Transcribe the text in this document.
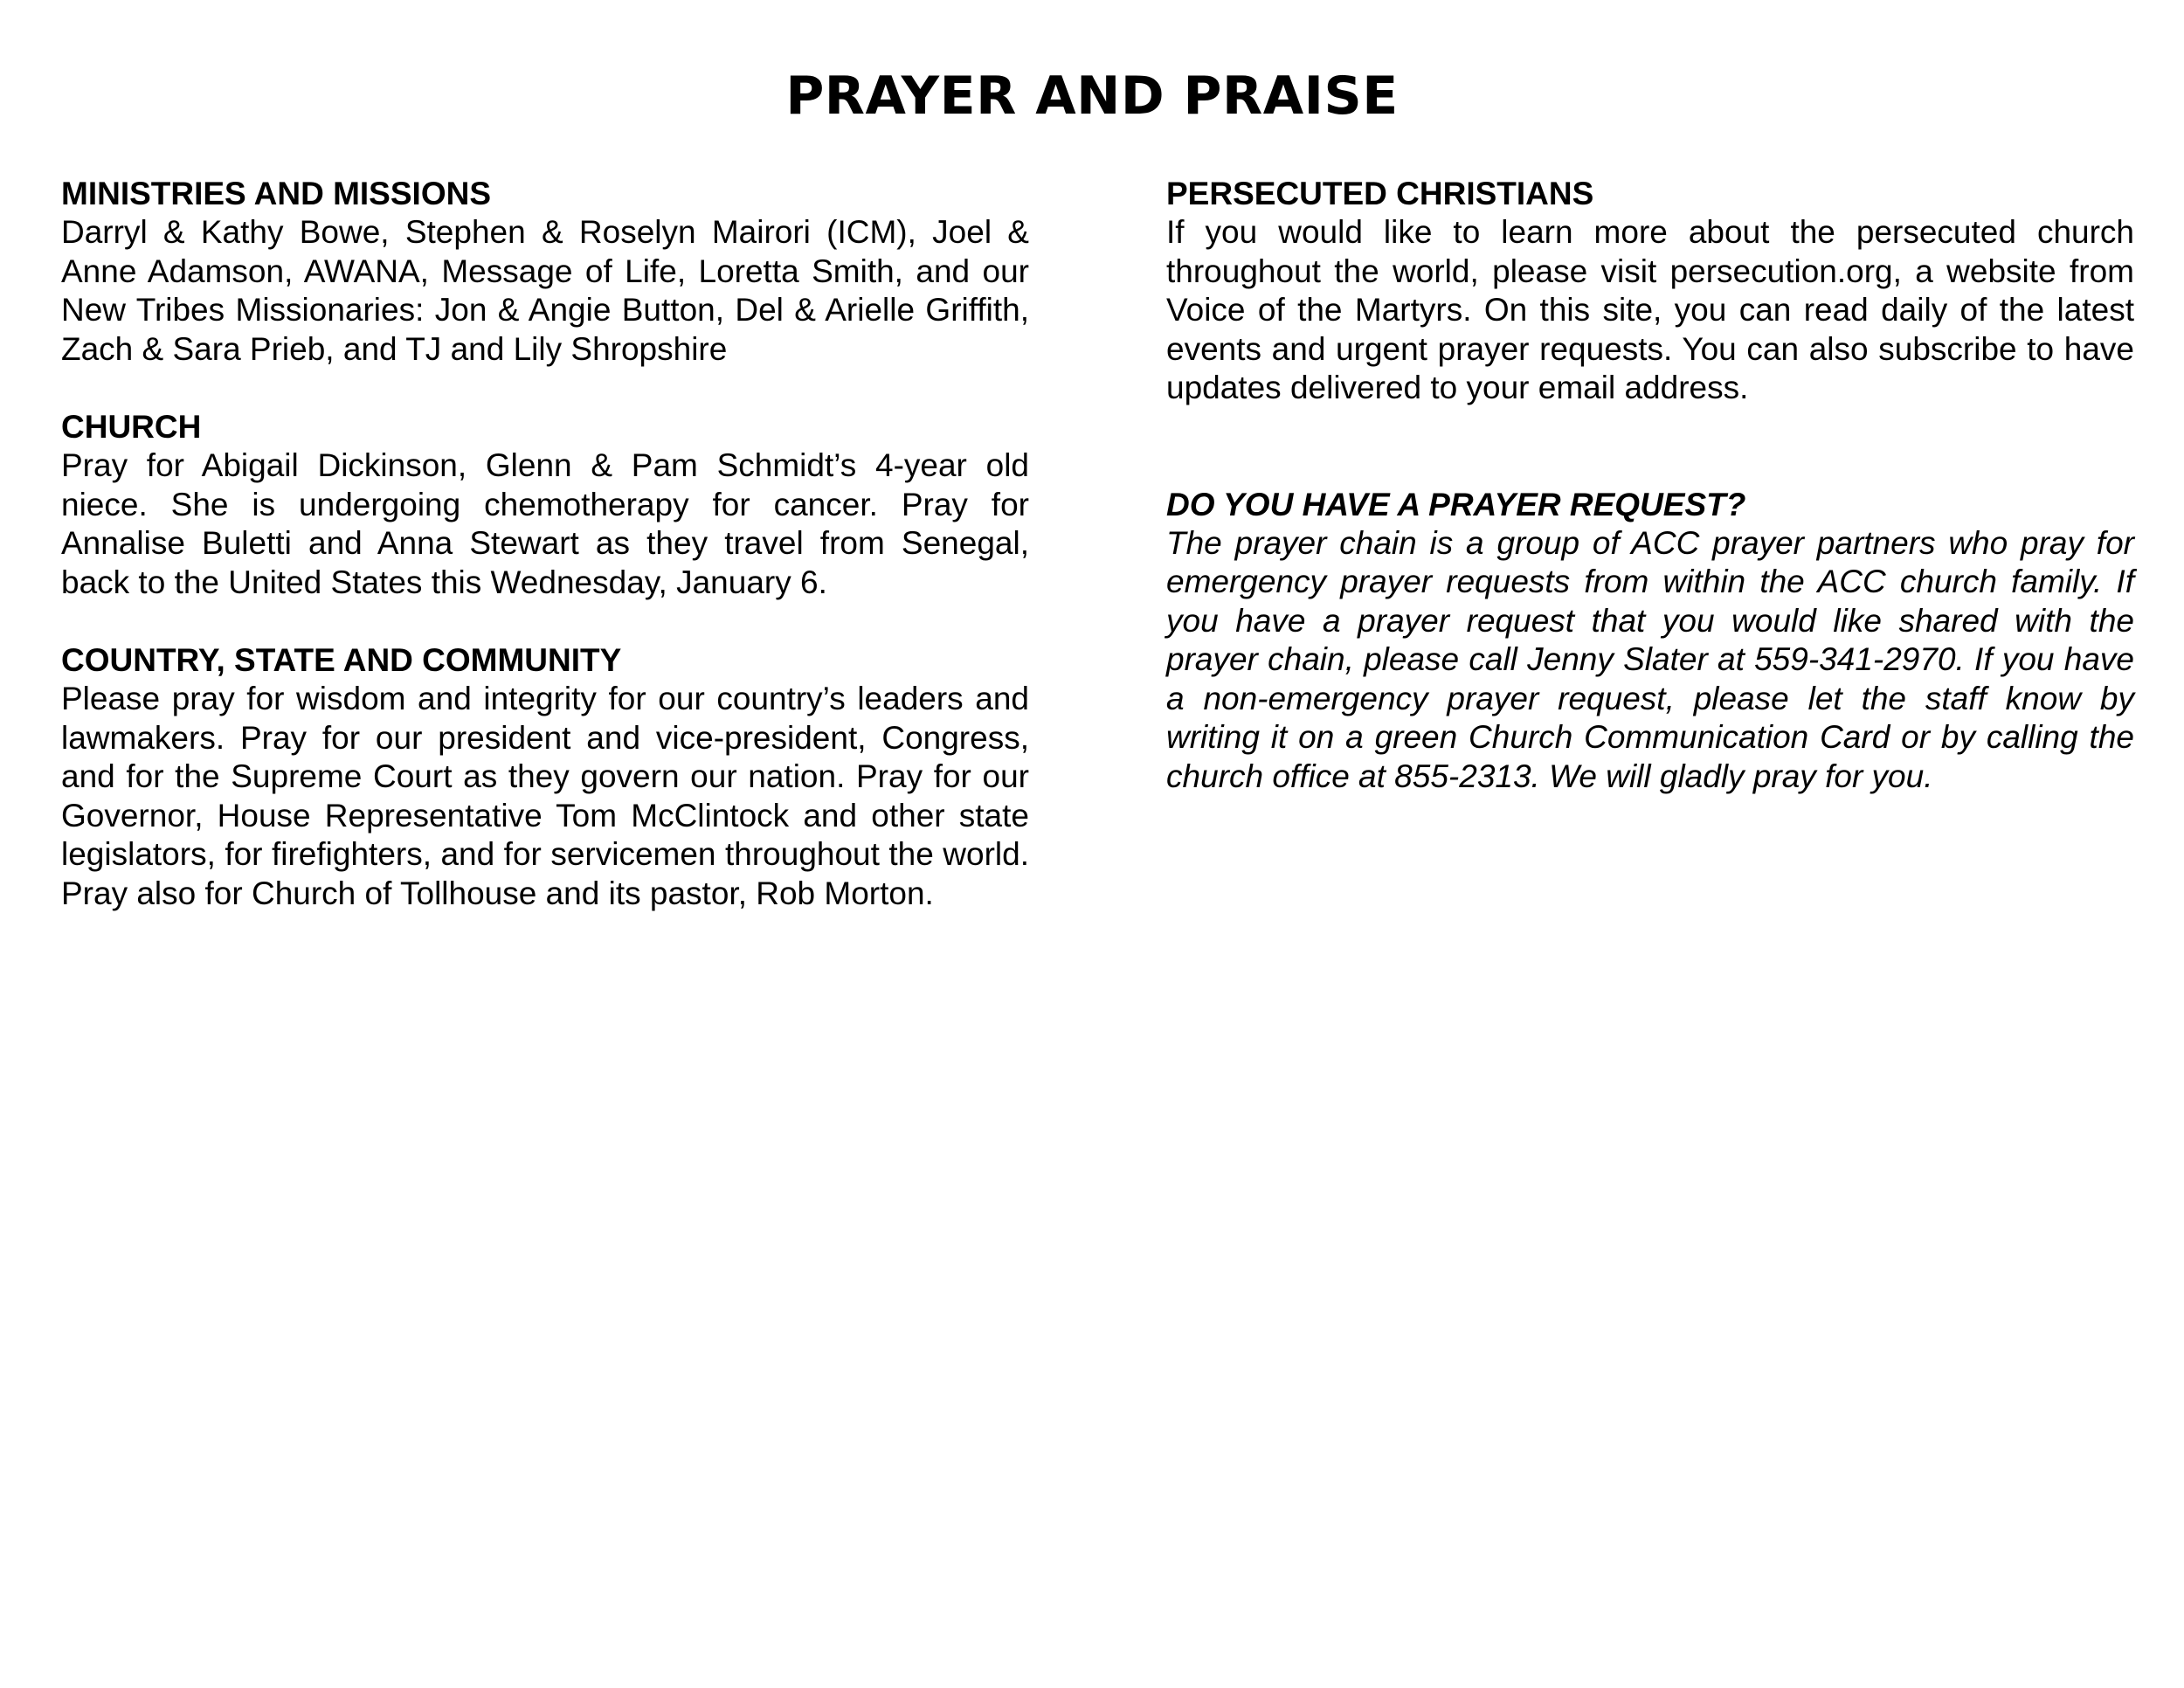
PRAYER AND PRAISE

MINISTRIES AND MISSIONS

Darryl & Kathy Bowe, Stephen & Roselyn Mairori (ICM), Joel & Anne Adamson, AWANA, Message of Life, Loretta Smith, and our New Tribes Missionaries: Jon & Angie Button, Del & Arielle Griffith, Zach & Sara Prieb, and TJ and Lily Shropshire

CHURCH

Pray for Abigail Dickinson, Glenn & Pam Schmidt’s 4-year old niece. She is undergoing chemotherapy for cancer. Pray for Annalise Buletti and Anna Stewart as they travel from Senegal, back to the United States this Wednesday, January 6.

COUNTRY, STATE AND COMMUNITY

Please pray for wisdom and integrity for our country’s leaders and lawmakers. Pray for our president and vice-president, Congress, and for the Supreme Court as they govern our nation. Pray for our Governor, House Representative Tom McClintock and other state legislators, for firefighters, and for servicemen throughout the world. Pray also for Church of Tollhouse and its pastor, Rob Morton.

PERSECUTED CHRISTIANS

If you would like to learn more about the persecuted church throughout the world, please visit persecution.org, a website from Voice of the Martyrs. On this site, you can read daily of the latest events and urgent prayer requests. You can also subscribe to have updates delivered to your email address.

DO YOU HAVE A PRAYER REQUEST?

The prayer chain is a group of ACC prayer partners who pray for emergency prayer requests from within the ACC church family. If you have a prayer request that you would like shared with the prayer chain, please call Jenny Slater at 559-341-2970. If you have a non-emergency prayer request, please let the staff know by writing it on a green Church Communication Card or by calling the church office at 855-2313. We will gladly pray for you.
